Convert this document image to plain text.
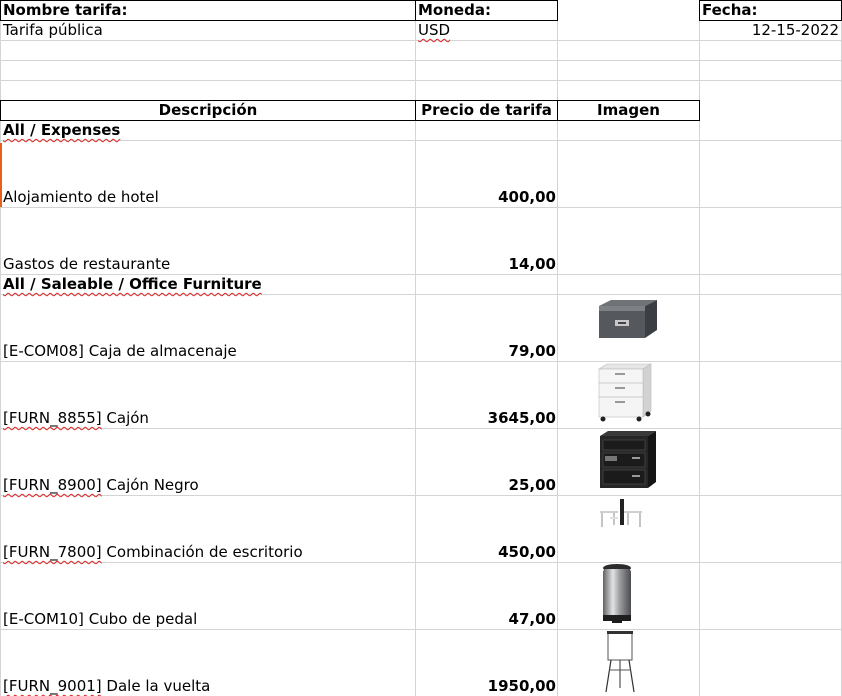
Nombre tarifa:	Moneda:	Fecha:
Tarifa pública	USD	12-15-2022
Descripción	Precio de tarifa	Imagen
All / Expenses
Alojamiento de hotel	400,00
Gastos de restaurante	14,00
All / Saleable / Office Furniture
[E-COM08] Caja de almacenaje	79,00
[FURN_8855] Cajón	3645,00
[FURN_8900] Cajón Negro	25,00
[FURN_7800] Combinación de escritorio	450,00
[E-COM10] Cubo de pedal	47,00
[FURN_9001] Dale la vuelta	1950,00
